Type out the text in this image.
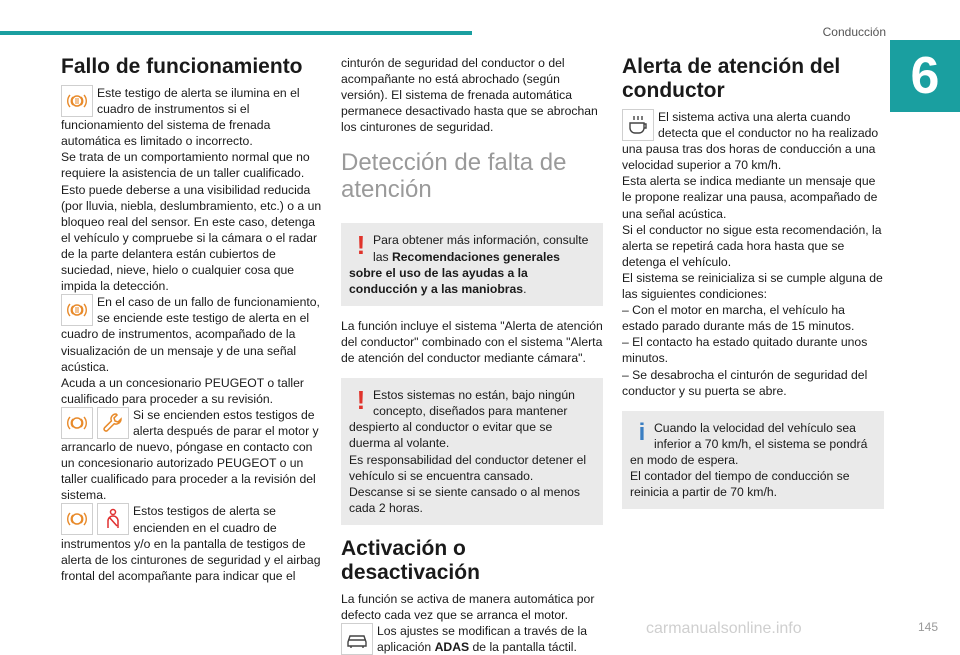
Conducción
6
Fallo de funcionamiento

Este testigo de alerta se ilumina en el cuadro de instrumentos si el funcionamiento del sistema de frenada automática es limitado o incorrecto.

Se trata de un comportamiento normal que no requiere la asistencia de un taller cualificado.

Esto puede deberse a una visibilidad reducida (por lluvia, niebla, deslumbramiento, etc.) o a un bloqueo real del sensor. En este caso, detenga el vehículo y compruebe si la cámara o el radar de la parte delantera están cubiertos de suciedad, nieve, hielo o cualquier cosa que impida la detección.

En el caso de un fallo de funcionamiento, se enciende este testigo de alerta en el cuadro de instrumentos, acompañado de la visualización de un mensaje y de una señal acústica.

Acuda a un concesionario PEUGEOT o taller cualificado para proceder a su revisión.

Si se encienden estos testigos de alerta después de parar el motor y arrancarlo de nuevo, póngase en contacto con un concesionario autorizado PEUGEOT o un taller cualificado para proceder a la revisión del sistema.

Estos testigos de alerta se encienden en el cuadro de instrumentos y/o en la pantalla de testigos de alerta de los cinturones de seguridad y el airbag frontal del acompañante para indicar que el

cinturón de seguridad del conductor o del acompañante no está abrochado (según versión). El sistema de frenada automática permanece desactivado hasta que se abrochan los cinturones de seguridad.

Detección de falta de atención
! Para obtener más información, consulte las Recomendaciones generales sobre el uso de las ayudas a la conducción y a las maniobras.

La función incluye el sistema "Alerta de atención del conductor" combinado con el sistema "Alerta de atención del conductor mediante cámara".

! Estos sistemas no están, bajo ningún concepto, diseñados para mantener despierto al conductor o evitar que se duerma al volante.
Es responsabilidad del conductor detener el vehículo si se encuentra cansado.
Descanse si se siente cansado o al menos cada 2 horas.
Activación o desactivación

La función se activa de manera automática por defecto cada vez que se arranca el motor.

Los ajustes se modifican a través de la aplicación ADAS de la pantalla táctil.

Alerta de atención del conductor

El sistema activa una alerta cuando detecta que el conductor no ha realizado una pausa tras dos horas de conducción a una velocidad superior a 70 km/h.

Esta alerta se indica mediante un mensaje que le propone realizar una pausa, acompañado de una señal acústica.

Si el conductor no sigue esta recomendación, la alerta se repetirá cada hora hasta que se detenga el vehículo.

El sistema se reinicializa si se cumple alguna de las siguientes condiciones:

– Con el motor en marcha, el vehículo ha estado parado durante más de 15 minutos.

– El contacto ha estado quitado durante unos minutos.

– Se desabrocha el cinturón de seguridad del conductor y su puerta se abre.

i Cuando la velocidad del vehículo sea inferior a 70 km/h, el sistema se pondrá en modo de espera.
El contador del tiempo de conducción se reinicia a partir de 70 km/h.
carmanualsonline.info	145
